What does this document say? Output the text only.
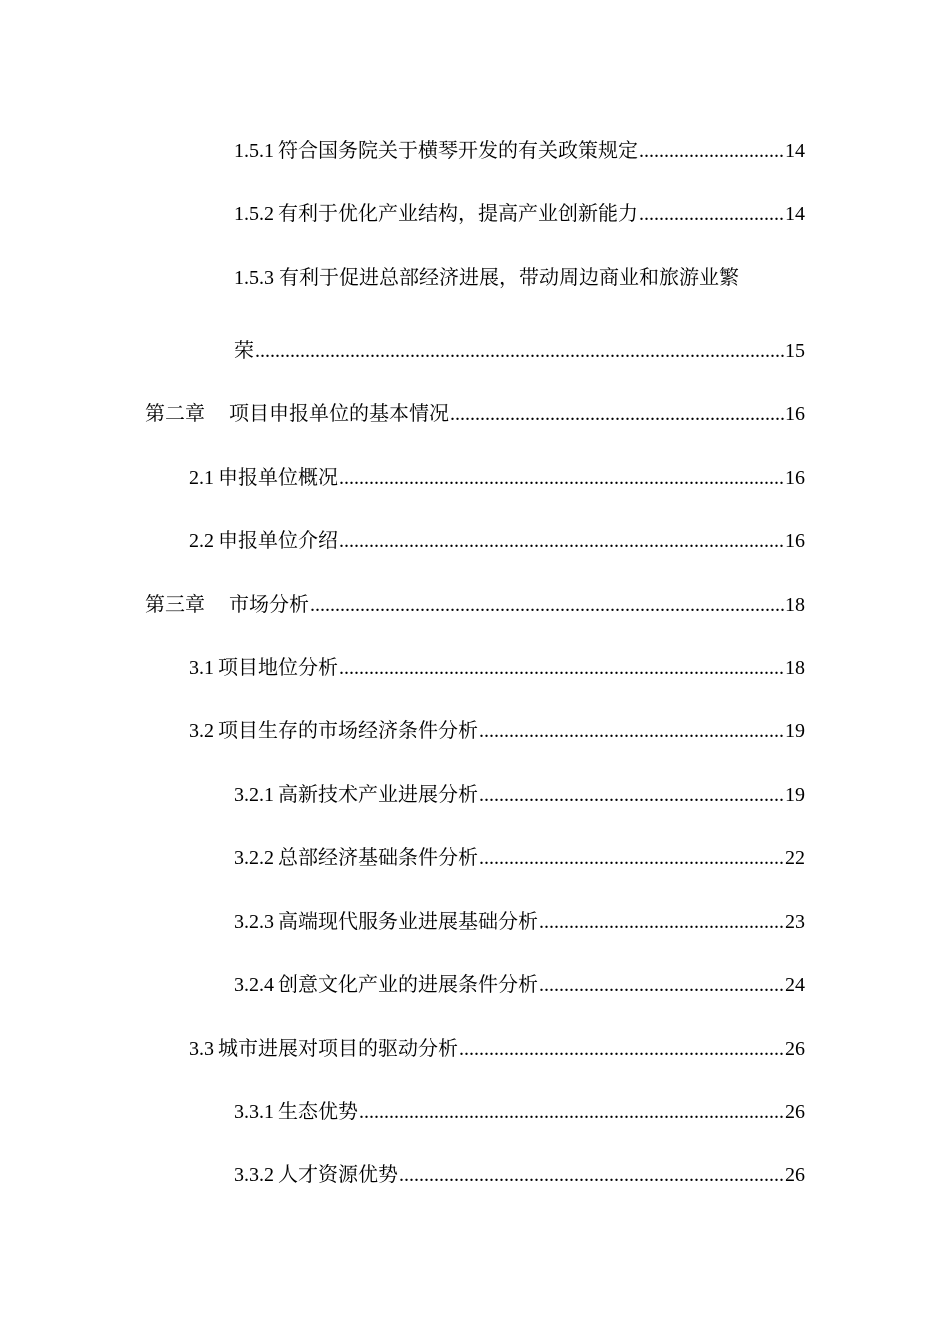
1.5.1 符合国务院关于横琴开发的有关政策规定 .....	14
1.5.2 有利于优化产业结构，提高产业创新能力 .....	14
1.5.3 有利于促进总部经济进展，带动周边商业和旅游业繁
荣 .....	15
第二章 项目申报单位的基本情况 .....	16
2.1 申报单位概况 .....	16
2.2 申报单位介绍 .....	16
第三章 市场分析 .....	18
3.1 项目地位分析 .....	18
3.2 项目生存的市场经济条件分析 .....	19
3.2.1 高新技术产业进展分析 .....	19
3.2.2 总部经济基础条件分析 .....	22
3.2.3 高端现代服务业进展基础分析 .....	23
3.2.4 创意文化产业的进展条件分析 .....	24
3.3 城市进展对项目的驱动分析 .....	26
3.3.1 生态优势 .....	26
3.3.2 人才资源优势 .....	26
